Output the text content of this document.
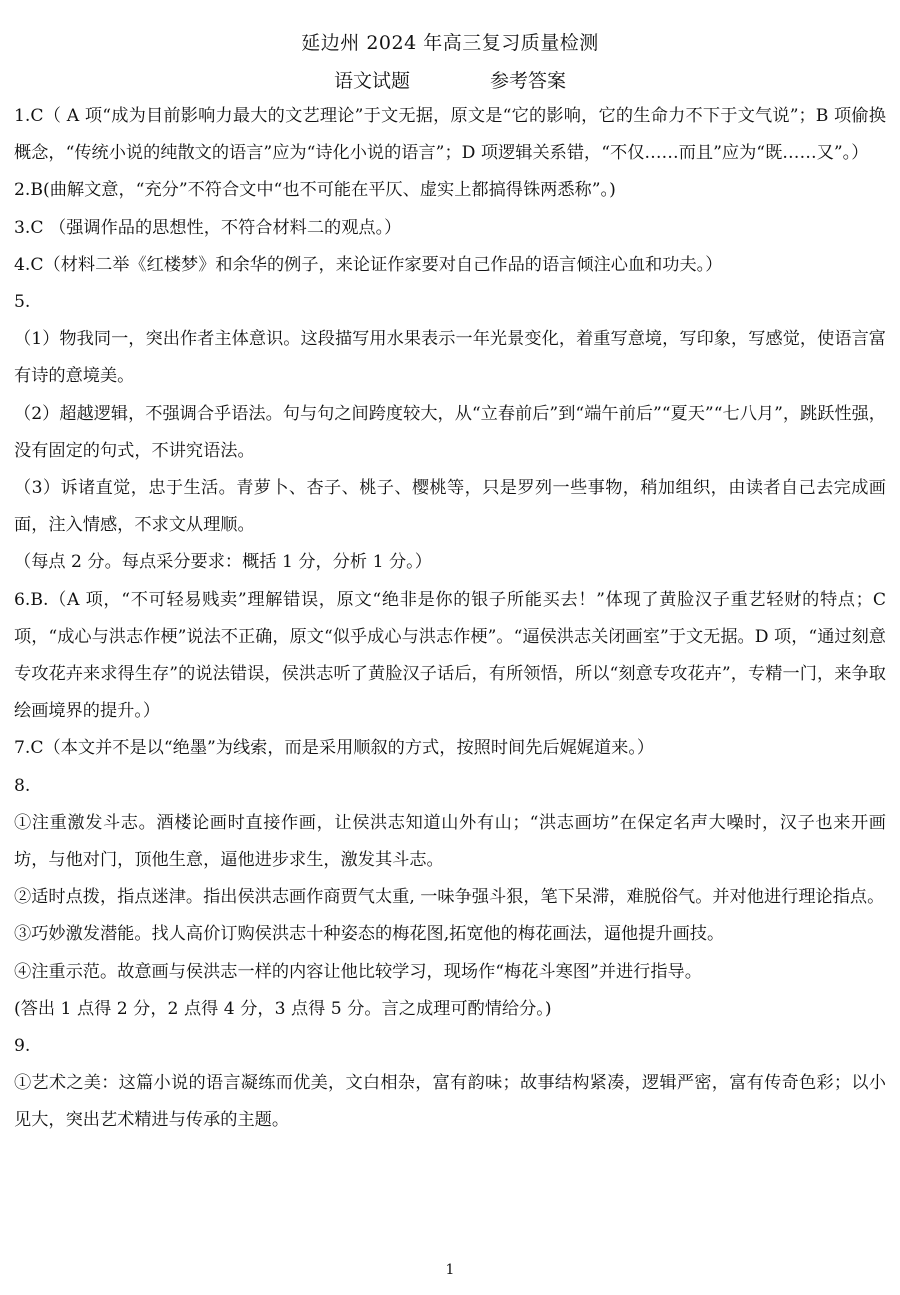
延边州 2024 年高三复习质量检测
语文试题	参考答案

1.C（ A 项“成为目前影响力最大的文艺理论”于文无据，原文是“它的影响，它的生命力不下于文气说”；B 项偷换概念，“传统小说的纯散文的语言”应为“诗化小说的语言”；D 项逻辑关系错，“不仅……而且”应为“既……又”。）

2.B(曲解文意，“充分”不符合文中“也不可能在平仄、虚实上都搞得铢两悉称”。)

3.C （强调作品的思想性，不符合材料二的观点。）

4.C（材料二举《红楼梦》和余华的例子，来论证作家要对自己作品的语言倾注心血和功夫。）

5.

（1）物我同一，突出作者主体意识。这段描写用水果表示一年光景变化，着重写意境，写印象，写感觉，使语言富有诗的意境美。

（2）超越逻辑，不强调合乎语法。句与句之间跨度较大，从“立春前后”到“端午前后”“夏天”“七八月”，跳跃性强，没有固定的句式，不讲究语法。

（3）诉诸直觉，忠于生活。青萝卜、杏子、桃子、樱桃等，只是罗列一些事物，稍加组织，由读者自己去完成画面，注入情感，不求文从理顺。

（每点 2 分。每点采分要求：概括 1 分，分析 1 分。）

6.B.（A 项，“不可轻易贱卖”理解错误，原文“绝非是你的银子所能买去！”体现了黄脸汉子重艺轻财的特点；C 项，“成心与洪志作梗”说法不正确，原文“似乎成心与洪志作梗”。“逼侯洪志关闭画室”于文无据。D 项，“通过刻意专攻花卉来求得生存”的说法错误，侯洪志听了黄脸汉子话后，有所领悟，所以“刻意专攻花卉”，专精一门，来争取绘画境界的提升。）

7.C（本文并不是以“绝墨”为线索，而是采用顺叙的方式，按照时间先后娓娓道来。）

8.

①注重激发斗志。酒楼论画时直接作画，让侯洪志知道山外有山；“洪志画坊”在保定名声大噪时，汉子也来开画坊，与他对门，顶他生意，逼他进步求生，激发其斗志。

②适时点拨，指点迷津。指出侯洪志画作商贾气太重, 一味争强斗狠，笔下呆滞，难脱俗气。并对他进行理论指点。

③巧妙激发潜能。找人高价订购侯洪志十种姿态的梅花图,拓宽他的梅花画法，逼他提升画技。

④注重示范。故意画与侯洪志一样的内容让他比较学习，现场作“梅花斗寒图”并进行指导。

(答出 1 点得 2 分，2 点得 4 分，3 点得 5 分。言之成理可酌情给分。)

9.

①艺术之美：这篇小说的语言凝练而优美，文白相杂，富有韵味；故事结构紧凑，逻辑严密，富有传奇色彩；以小见大，突出艺术精进与传承的主题。

1
